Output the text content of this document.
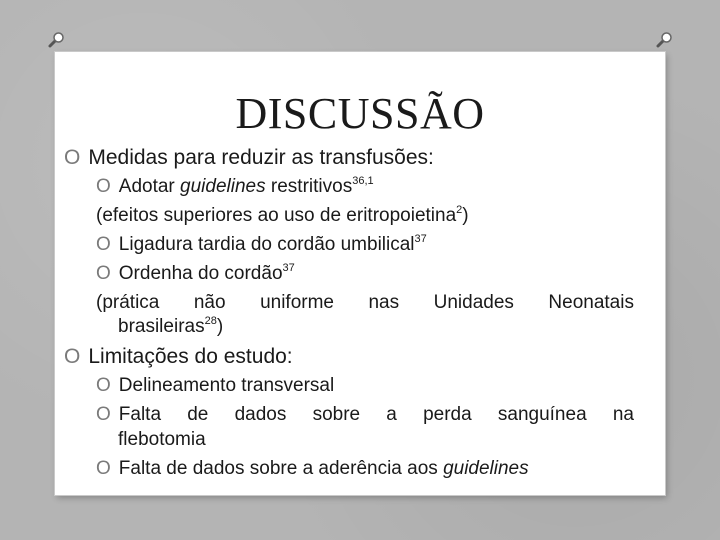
DISCUSSÃO
O Medidas para reduzir as transfusões:
O Adotar guidelines restritivos$^{36,1}$
(efeitos superiores ao uso de eritropoietina$^2$)
O Ligadura tardia do cordão umbilical$^{37}$
O Ordenha do cordão$^{37}$
(prática não uniforme nas Unidades Neonatais
brasileiras$^{28}$)
O Limitações do estudo:
O Delineamento transversal
O Falta de dados sobre a perda sanguínea na
flebotomia
O Falta de dados sobre a aderência aos guidelines
